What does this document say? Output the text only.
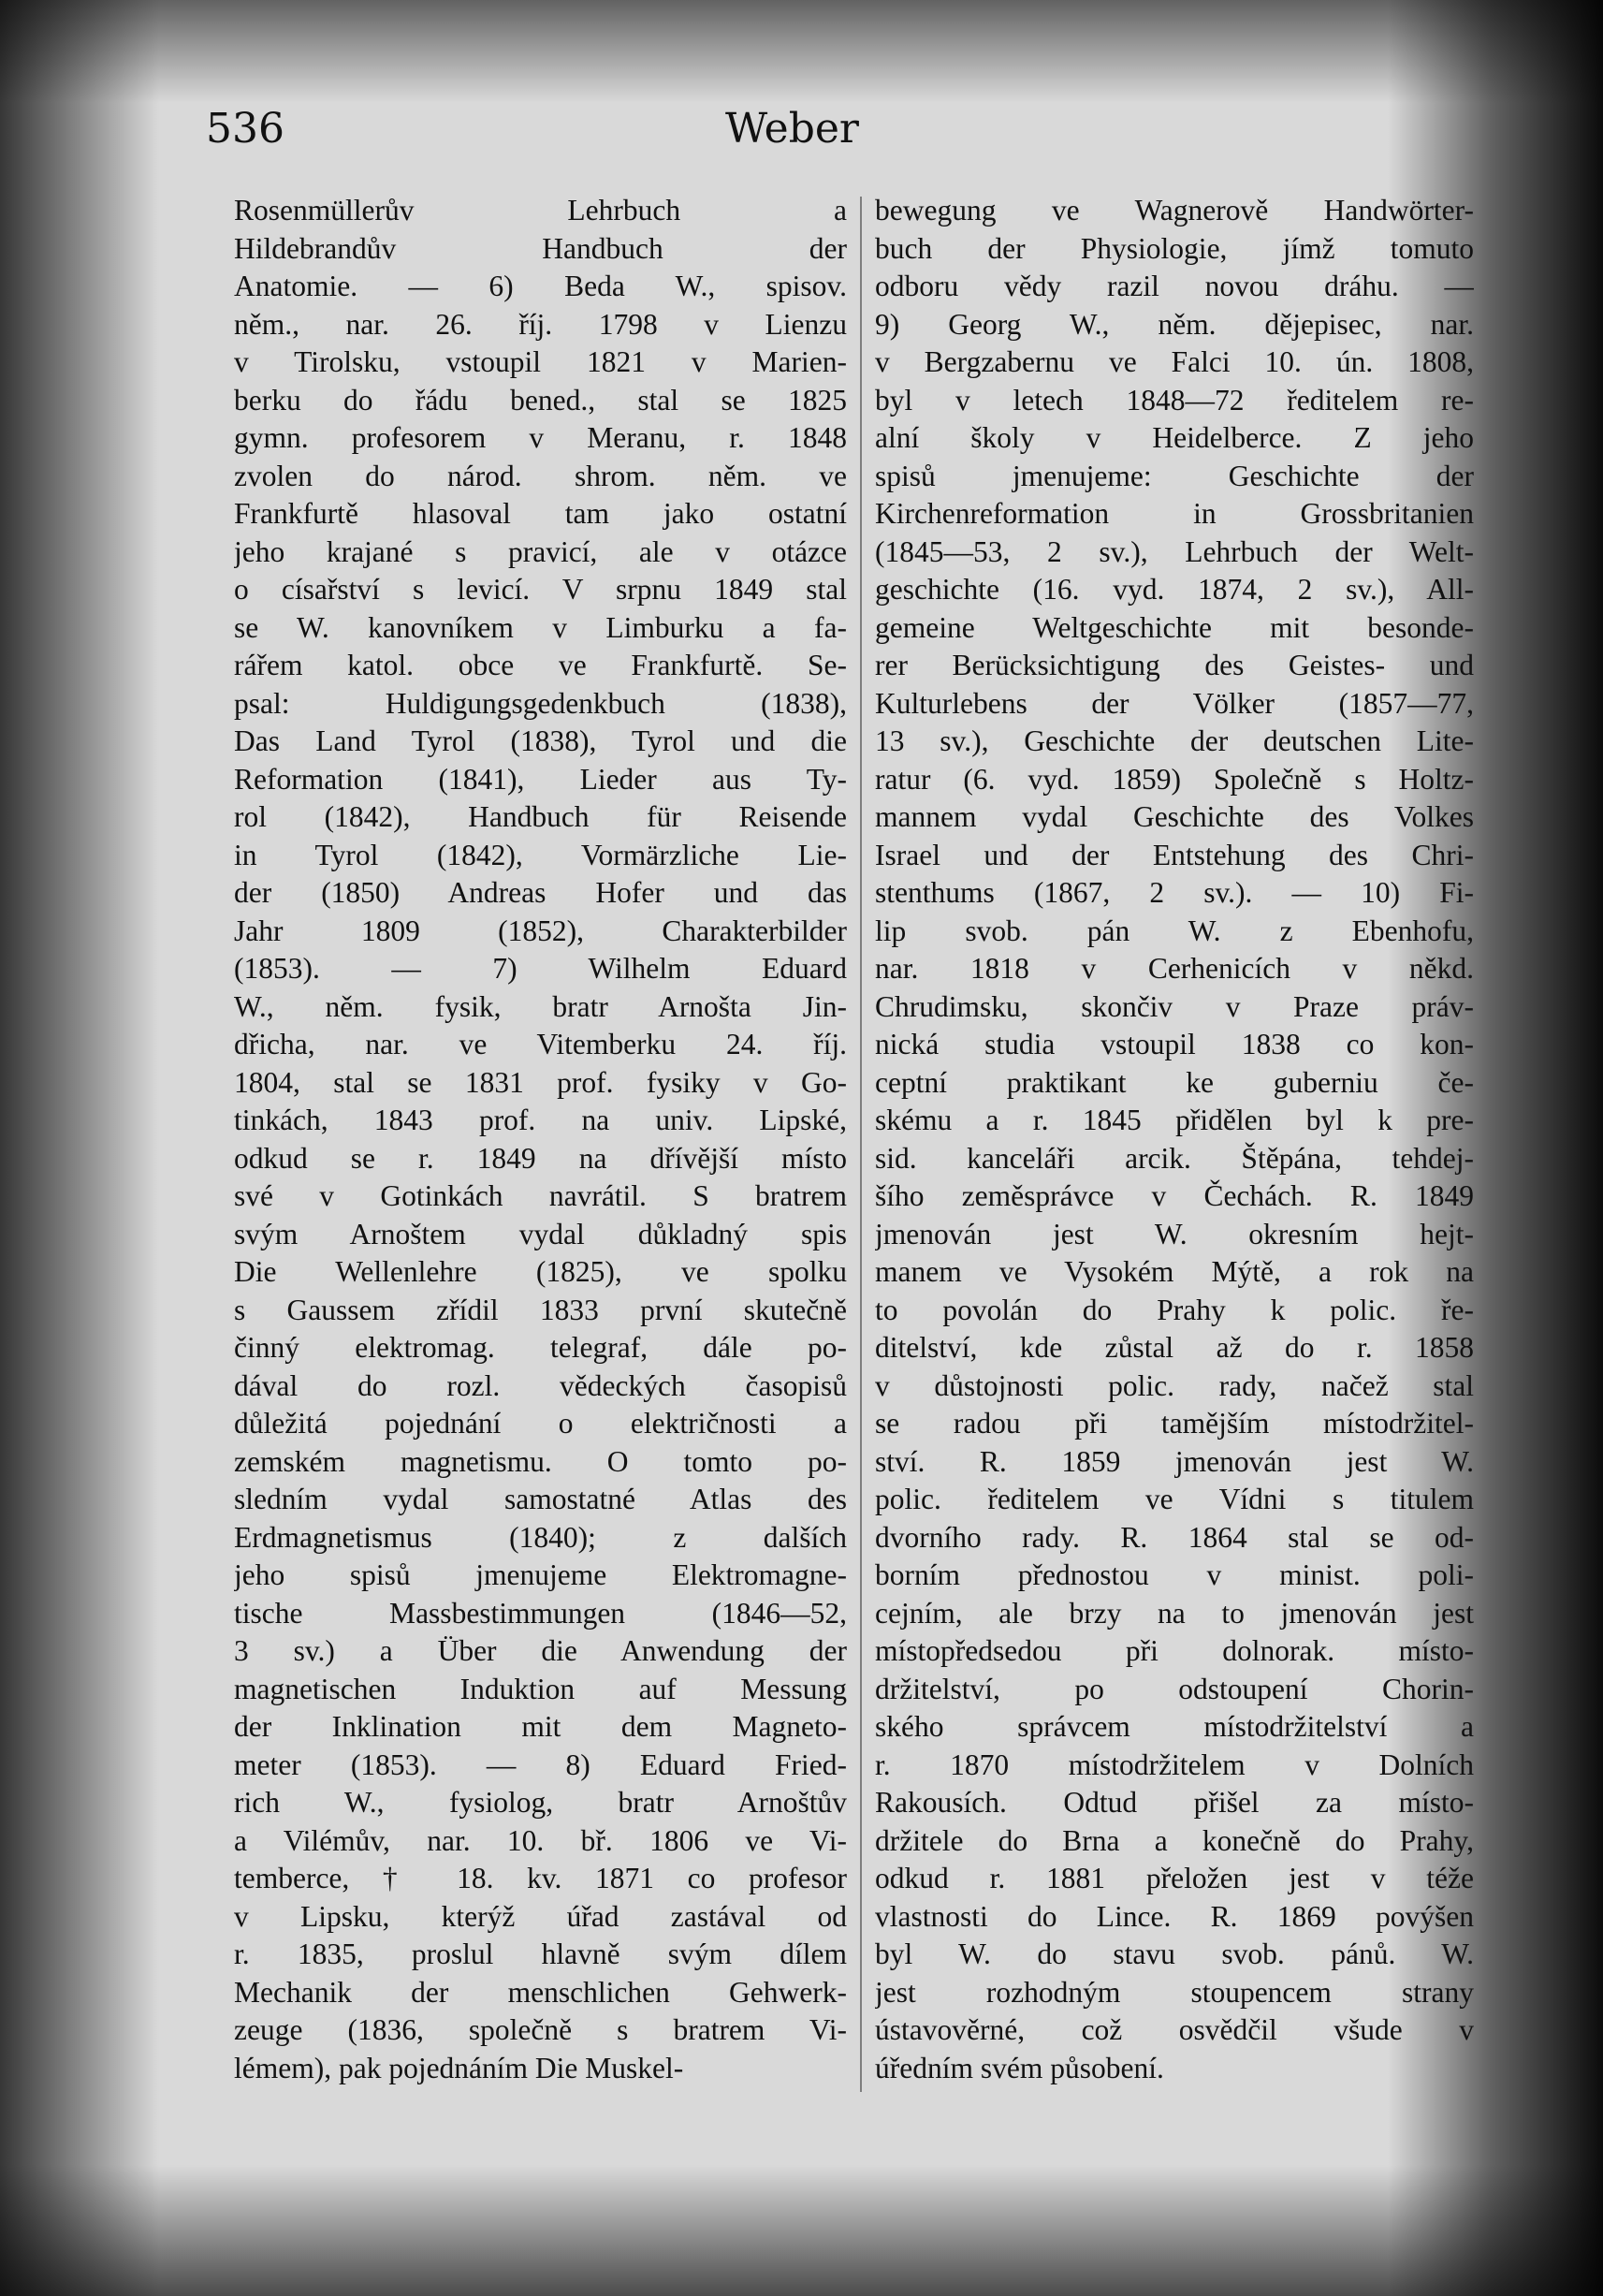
536	Weber
Rosenmüllerův Lehrbuch a
Hildebrandův Handbuch der
Anatomie. — 6) Beda W., spisov.
něm., nar. 26. říj. 1798 v Lienzu
v Tirolsku, vstoupil 1821 v Marien-
berku do řádu bened., stal se 1825
gymn. profesorem v Meranu, r. 1848
zvolen do národ. shrom. něm. ve
Frankfurtě hlasoval tam jako ostatní
jeho krajané s pravicí, ale v otázce
o císařství s levicí. V srpnu 1849 stal
se W. kanovníkem v Limburku a fa-
rářem katol. obce ve Frankfurtě. Se-
psal: Huldigungsgedenkbuch (1838),
Das Land Tyrol (1838), Tyrol und die
Reformation (1841), Lieder aus Ty-
rol (1842), Handbuch für Reisende
in Tyrol (1842), Vormärzliche Lie-
der (1850) Andreas Hofer und das
Jahr 1809 (1852), Charakterbilder
(1853). — 7) Wilhelm Eduard
W., něm. fysik, bratr Arnošta Jin-
dřicha, nar. ve Vitemberku 24. říj.
1804, stal se 1831 prof. fysiky v Go-
tinkách, 1843 prof. na univ. Lipské,
odkud se r. 1849 na dřívější místo
své v Gotinkách navrátil. S bratrem
svým Arnoštem vydal důkladný spis
Die Wellenlehre (1825), ve spolku
s Gaussem zřídil 1833 první skutečně
činný elektromag. telegraf, dále po-
dával do rozl. vědeckých časopisů
důležitá pojednání o električnosti a
zemském magnetismu. O tomto po-
sledním vydal samostatné Atlas des
Erdmagnetismus (1840); z dalších
jeho spisů jmenujeme Elektromagne-
tische Massbestimmungen (1846—52,
3 sv.) a Über die Anwendung der
magnetischen Induktion auf Messung
der Inklination mit dem Magneto-
meter (1853). — 8) Eduard Fried-
rich W., fysiolog, bratr Arnoštův
a Vilémův, nar. 10. bř. 1806 ve Vi-
temberce, † 18. kv. 1871 co profesor
v Lipsku, kterýž úřad zastával od
r. 1835, proslul hlavně svým dílem
Mechanik der menschlichen Gehwerk-
zeuge (1836, společně s bratrem Vi-
lémem), pak pojednáním Die Muskel-
bewegung ve Wagnerově Handwörter-
buch der Physiologie, jímž tomuto
odboru vědy razil novou dráhu. —
9) Georg W., něm. dějepisec, nar.
v Bergzabernu ve Falci 10. ún. 1808,
byl v letech 1848—72 ředitelem re-
alní školy v Heidelberce. Z jeho
spisů jmenujeme: Geschichte der
Kirchenreformation in Grossbritanien
(1845—53, 2 sv.), Lehrbuch der Welt-
geschichte (16. vyd. 1874, 2 sv.), All-
gemeine Weltgeschichte mit besonde-
rer Berücksichtigung des Geistes- und
Kulturlebens der Völker (1857—77,
13 sv.), Geschichte der deutschen Lite-
ratur (6. vyd. 1859) Společně s Holtz-
mannem vydal Geschichte des Volkes
Israel und der Entstehung des Chri-
stenthums (1867, 2 sv.). — 10) Fi-
lip svob. pán W. z Ebenhofu,
nar. 1818 v Cerhenicích v někd.
Chrudimsku, skončiv v Praze práv-
nická studia vstoupil 1838 co kon-
ceptní praktikant ke guberniu če-
skému a r. 1845 přidělen byl k pre-
sid. kanceláři arcik. Štěpána, tehdej-
šího zeměsprávce v Čechách. R. 1849
jmenován jest W. okresním hejt-
manem ve Vysokém Mýtě, a rok na
to povolán do Prahy k polic. ře-
ditelství, kde zůstal až do r. 1858
v důstojnosti polic. rady, načež stal
se radou při tamějším místodržitel-
ství. R. 1859 jmenován jest W.
polic. ředitelem ve Vídni s titulem
dvorního rady. R. 1864 stal se od-
borním přednostou v minist. poli-
cejním, ale brzy na to jmenován jest
místopředsedou při dolnorak. místo-
držitelství, po odstoupení Chorin-
ského správcem místodržitelství a
r. 1870 místodržitelem v Dolních
Rakousích. Odtud přišel za místo-
držitele do Brna a konečně do Prahy,
odkud r. 1881 přeložen jest v téže
vlastnosti do Lince. R. 1869 povýšen
byl W. do stavu svob. pánů. W.
jest rozhodným stoupencem strany
ústavověrné, což osvědčil všude v
úředním svém působení.
